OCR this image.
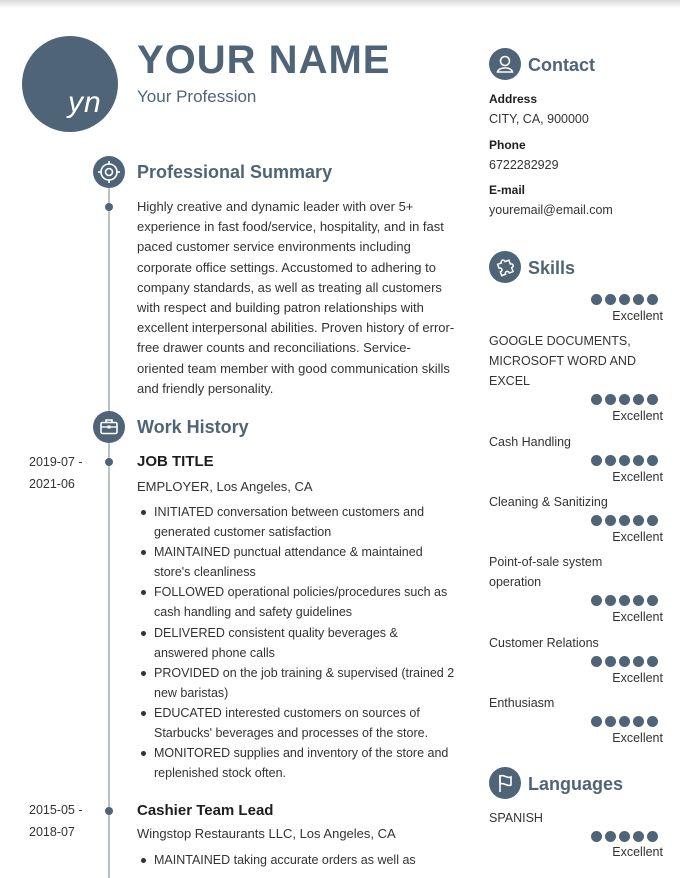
yn
YOUR NAME
Your Profession
Professional Summary
Highly creative and dynamic leader with over 5+ experience in fast food/service, hospitality, and in fast paced customer service environments including corporate office settings. Accustomed to adhering to company standards, as well as treating all customers with respect and building patron relationships with excellent interpersonal abilities. Proven history of error-free drawer counts and reconciliations. Service-oriented team member with good communication skills and friendly personality.
Work History
2019-07 -
2021-06
JOB TITLE
EMPLOYER, Los Angeles, CA
INITIATED conversation between customers and generated customer satisfaction
MAINTAINED punctual attendance & maintained store's cleanliness
FOLLOWED operational policies/procedures such as cash handling and safety guidelines
DELIVERED consistent quality beverages & answered phone calls
PROVIDED on the job training & supervised (trained 2 new baristas)
EDUCATED interested customers on sources of Starbucks' beverages and processes of the store.
MONITORED supplies and inventory of the store and replenished stock often.
2015-05 -
2018-07
Cashier Team Lead
Wingstop Restaurants LLC, Los Angeles, CA
MAINTAINED taking accurate orders as well as
Contact
Address
CITY, CA, 900000
Phone
6722282929
E-mail
youremail@email.com
Skills
Excellent
GOOGLE DOCUMENTS, MICROSOFT WORD AND EXCEL
Excellent
Cash Handling
Excellent
Cleaning & Sanitizing
Excellent
Point-of-sale system operation
Excellent
Customer Relations
Excellent
Enthusiasm
Excellent
Languages
SPANISH
Excellent
